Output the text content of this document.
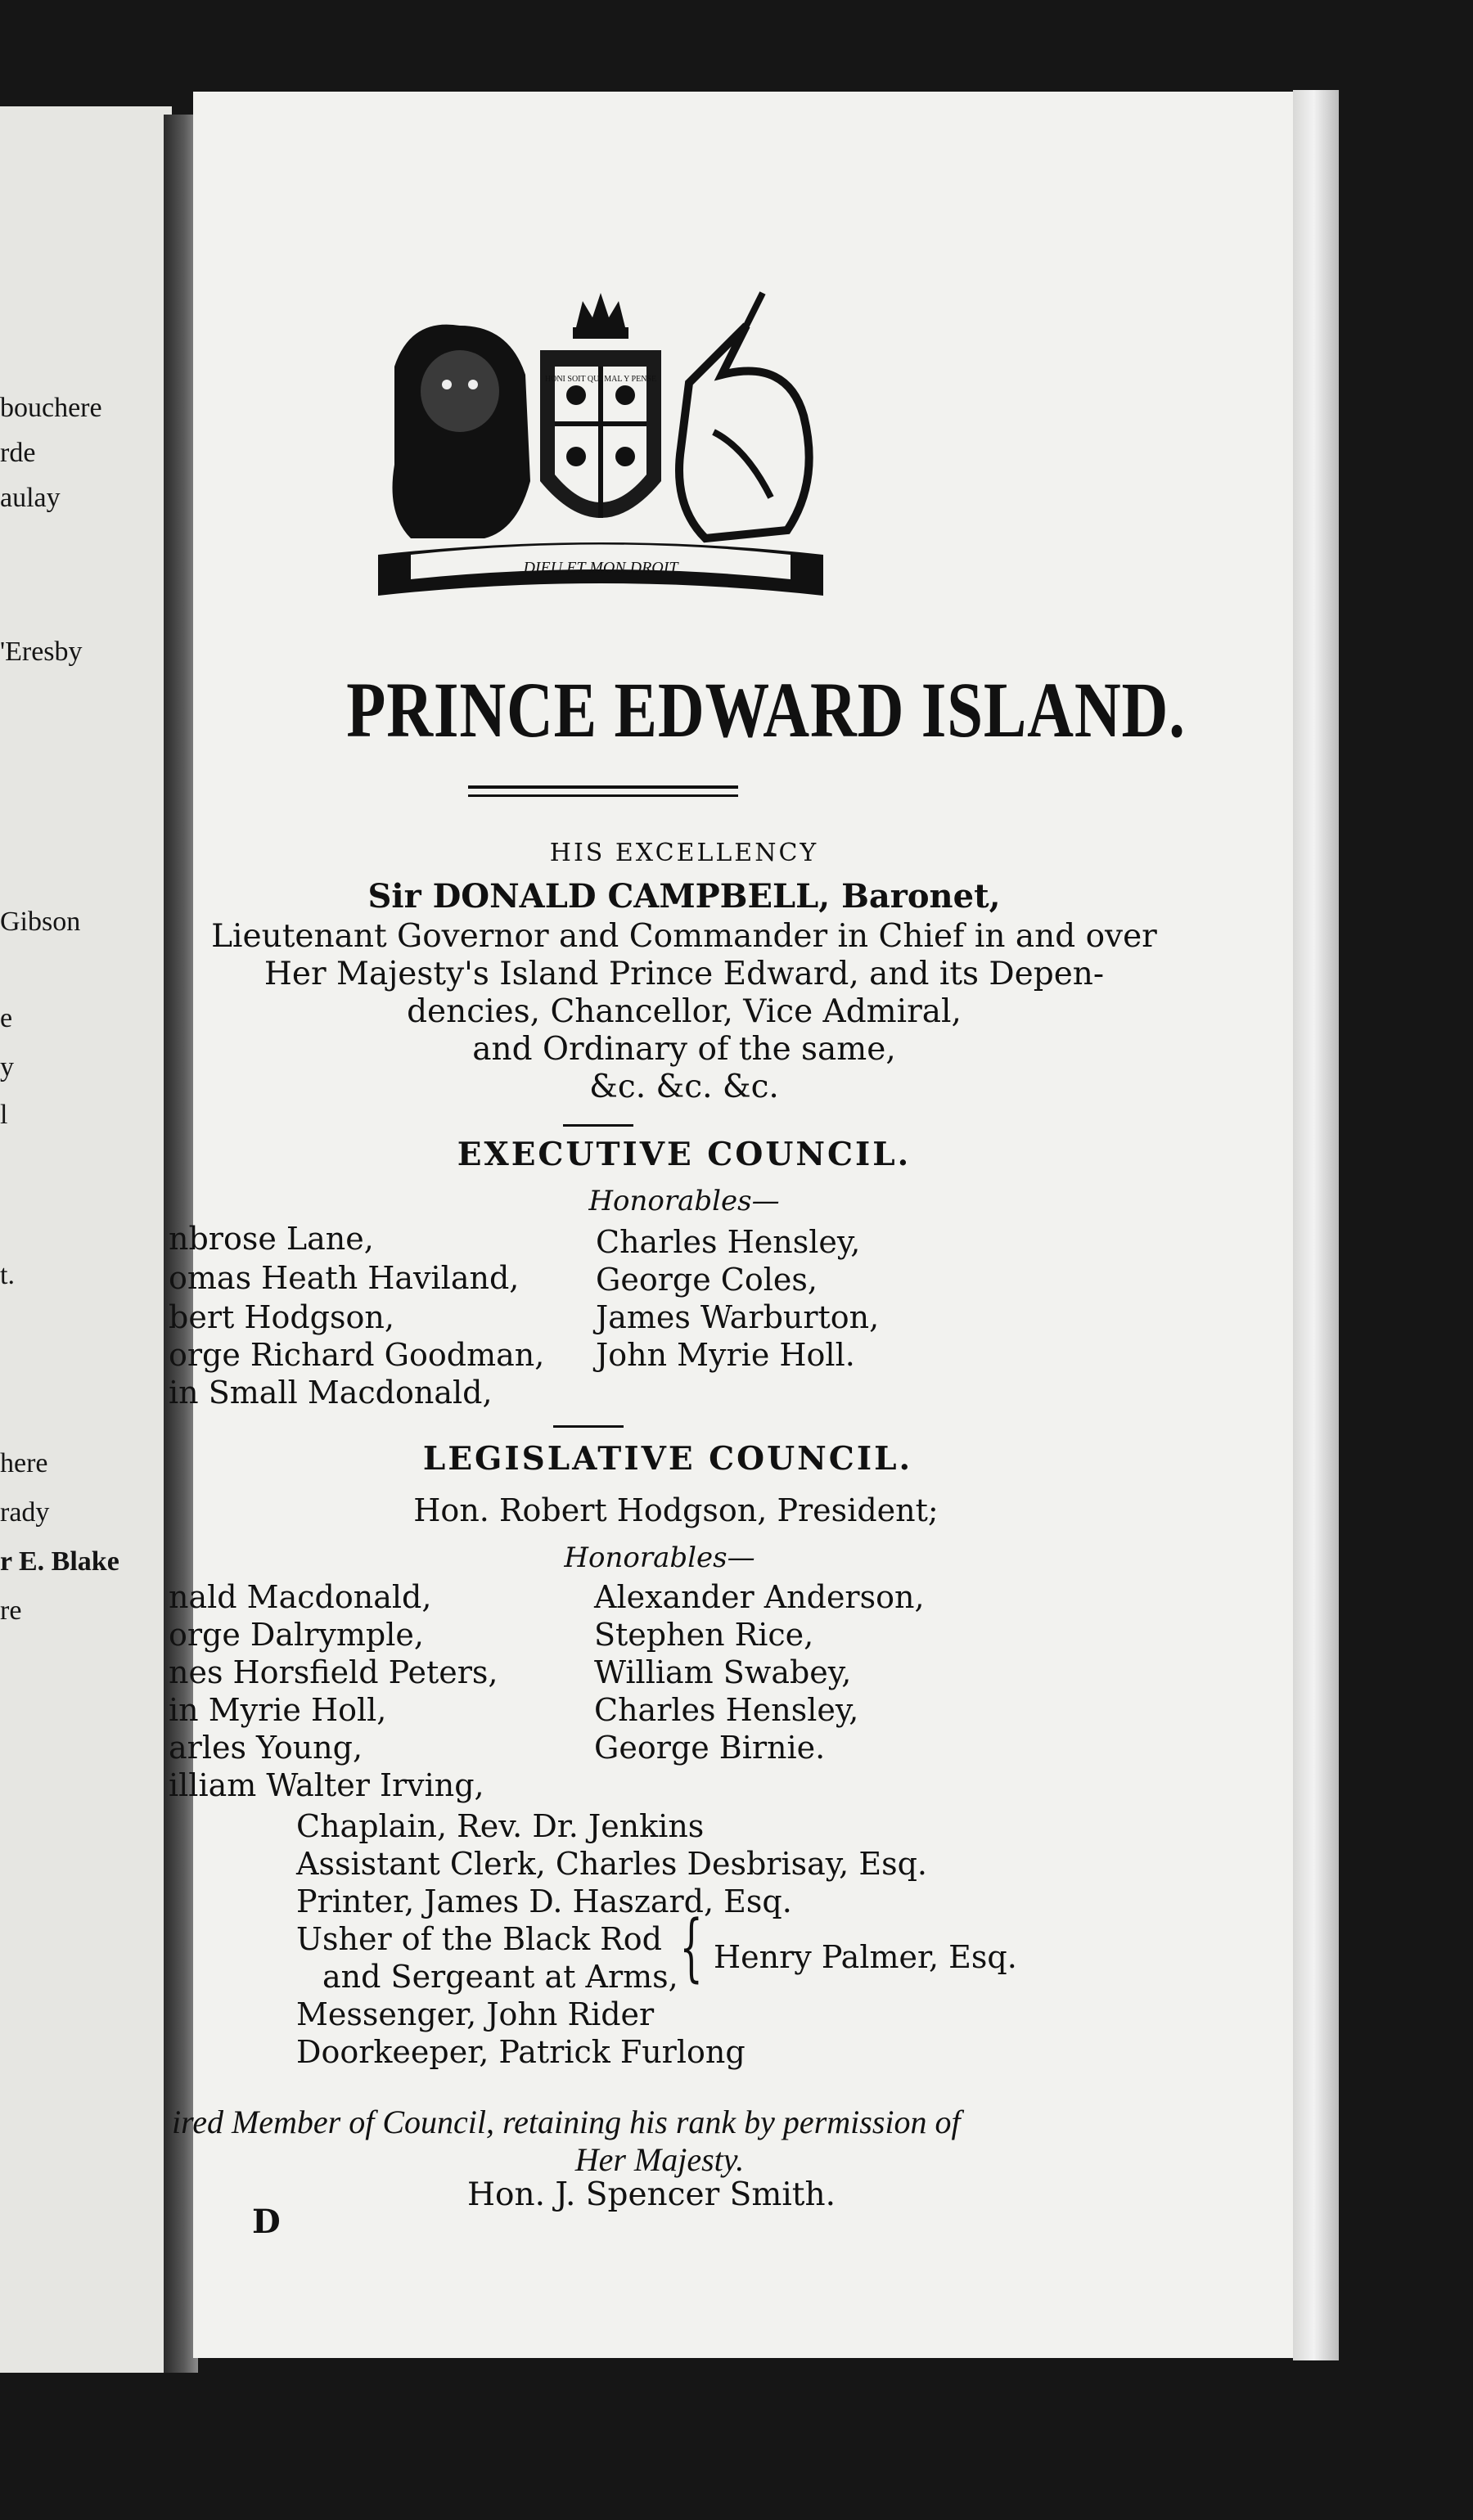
bouchere
rde
aulay
'Eresby
Gibson
e
y
l
t.
here
rady
r E. Blake
re
DIEU ET MON DROIT
HONI SOIT QUI MAL Y PENSE
PRINCE EDWARD ISLAND.
HIS EXCELLENCY
Sir DONALD CAMPBELL, Baronet,
Lieutenant Governor and Commander in Chief in and over
Her Majesty's Island Prince Edward, and its Depen-
dencies, Chancellor, Vice Admiral,
and Ordinary of the same,
&c. &c. &c.
EXECUTIVE COUNCIL.
Honorables—
nbrose Lane,
omas Heath Haviland,
bert Hodgson,
orge Richard Goodman,
in Small Macdonald,
Charles Hensley,
George Coles,
James Warburton,
John Myrie Holl.
LEGISLATIVE COUNCIL.
Hon. Robert Hodgson, President;
Honorables—
nald Macdonald,
orge Dalrymple,
nes Horsfield Peters,
in Myrie Holl,
arles Young,
illiam Walter Irving,
Alexander Anderson,
Stephen Rice,
William Swabey,
Charles Hensley,
George Birnie.
Chaplain, Rev. Dr. Jenkins
Assistant Clerk, Charles Desbrisay, Esq.
Printer, James D. Haszard, Esq.
Usher of the Black Rod
and Sergeant at Arms, { Henry Palmer, Esq.
Messenger, John Rider
Doorkeeper, Patrick Furlong
ired Member of Council, retaining his rank by permission of
Her Majesty.
Hon. J. Spencer Smith.
D
